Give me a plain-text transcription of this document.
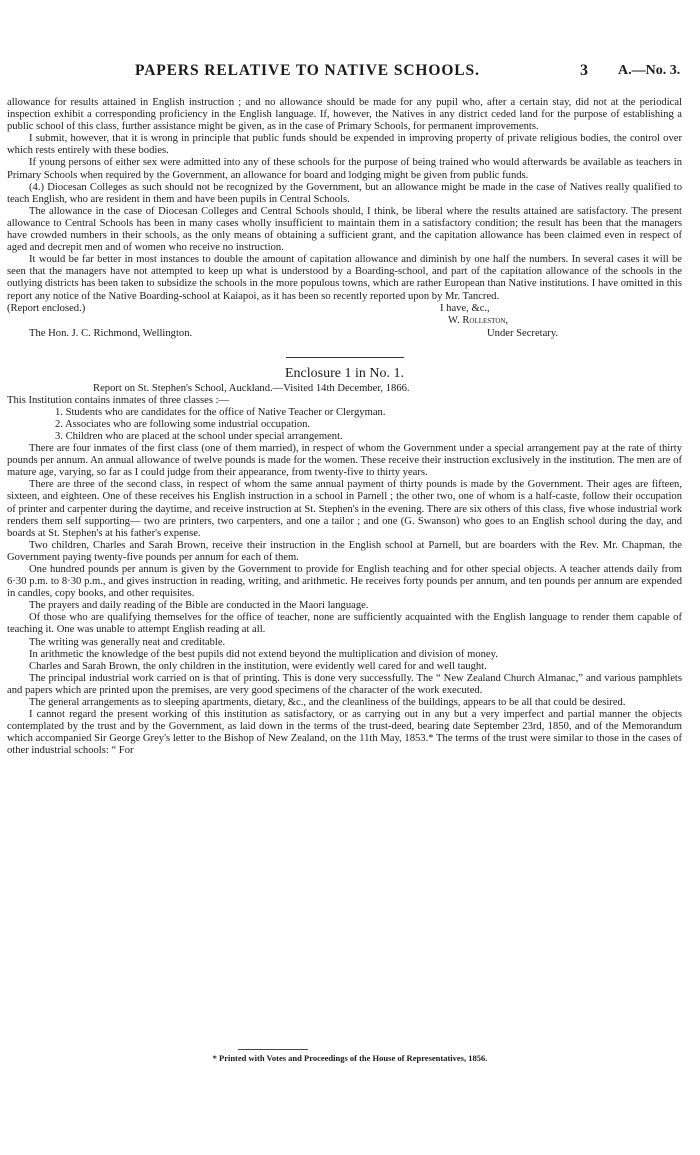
PAPERS RELATIVE TO NATIVE SCHOOLS.	3 A.—No. 3.

allowance for results attained in English instruction ; and no allowance should be made for any pupil who, after a certain stay, did not at the periodical inspection exhibit a corresponding proficiency in the English language. If, however, the Natives in any district ceded land for the purpose of establishing a public school of this class, further assistance might be given, as in the case of Primary Schools, for permanent improvements.

I submit, however, that it is wrong in principle that public funds should be expended in improving property of private religious bodies, the control over which rests entirely with these bodies.

If young persons of either sex were admitted into any of these schools for the purpose of being trained who would afterwards be available as teachers in Primary Schools when required by the Government, an allowance for board and lodging might be given from public funds.

(4.) Diocesan Colleges as such should not be recognized by the Government, but an allowance might be made in the case of Natives really qualified to teach English, who are resident in them and have been pupils in Central Schools.

The allowance in the case of Diocesan Colleges and Central Schools should, I think, be liberal where the results attained are satisfactory. The present allowance to Central Schools has been in many cases wholly insufficient to maintain them in a satisfactory condition; the result has been that the managers have crowded numbers in their schools, as the only means of obtaining a sufficient grant, and the capitation allowance has been claimed even in respect of aged and decrepit men and of women who receive no instruction.

It would be far better in most instances to double the amount of capitation allowance and diminish by one half the numbers. In several cases it will be seen that the managers have not attempted to keep up what is understood by a Boarding-school, and part of the capitation allowance of the schools in the outlying districts has been taken to subsidize the schools in the more populous towns, which are rather European than Native institutions. I have omitted in this report any notice of the Native Boarding-school at Kaiapoi, as it has been so recently reported upon by Mr. Tancred.

(Report enclosed.)	I have, &c.,
W. Rolleston,
The Hon. J. C. Richmond, Wellington.	Under Secretary.
Enclosure 1 in No. 1.

Report on St. Stephen's School, Auckland.—Visited 14th December, 1866.

This Institution contains inmates of three classes :—

1. Students who are candidates for the office of Native Teacher or Clergyman.

2. Associates who are following some industrial occupation.

3. Children who are placed at the school under special arrangement.

There are four inmates of the first class (one of them married), in respect of whom the Government under a special arrangement pay at the rate of thirty pounds per annum. An annual allowance of twelve pounds is made for the women. These receive their instruction exclusively in the institution. The men are of mature age, varying, so far as I could judge from their appearance, from twenty-five to thirty years.

There are three of the second class, in respect of whom the same annual payment of thirty pounds is made by the Government. Their ages are fifteen, sixteen, and eighteen. One of these receives his English instruction in a school in Parnell ; the other two, one of whom is a half-caste, follow their occupation of printer and carpenter during the daytime, and receive instruction at St. Stephen's in the evening. There are six others of this class, five whose industrial work renders them self supporting— two are printers, two carpenters, and one a tailor ; and one (G. Swanson) who goes to an English school during the day, and boards at St. Stephen's at his father's expense.

Two children, Charles and Sarah Brown, receive their instruction in the English school at Parnell, but are boarders with the Rev. Mr. Chapman, the Government paying twenty-five pounds per annum for each of them.

One hundred pounds per annum is given by the Government to provide for English teaching and for other special objects. A teacher attends daily from 6·30 p.m. to 8·30 p.m., and gives instruction in reading, writing, and arithmetic. He receives forty pounds per annum, and ten pounds per annum are expended in candles, copy books, and other requisites.

The prayers and daily reading of the Bible are conducted in the Maori language.

Of those who are qualifying themselves for the office of teacher, none are sufficiently acquainted with the English language to render them capable of teaching it. One was unable to attempt English reading at all.

The writing was generally neat and creditable.

In arithmetic the knowledge of the best pupils did not extend beyond the multiplication and division of money.

Charles and Sarah Brown, the only children in the institution, were evidently well cared for and well taught.

The principal industrial work carried on is that of printing. This is done very successfully. The “ New Zealand Church Almanac,” and various pamphlets and papers which are printed upon the premises, are very good specimens of the character of the work executed.

The general arrangements as to sleeping apartments, dietary, &c., and the cleanliness of the buildings, appears to be all that could be desired.

I cannot regard the present working of this institution as satisfactory, or as carrying out in any but a very imperfect and partial manner the objects contemplated by the trust and by the Government, as laid down in the terms of the trust-deed, bearing date September 23rd, 1850, and of the Memorandum which accompanied Sir George Grey's letter to the Bishop of New Zealand, on the 11th May, 1853.* The terms of the trust were similar to those in the cases of other industrial schools: “ For

* Printed with Votes and Proceedings of the House of Representatives, 1856.
